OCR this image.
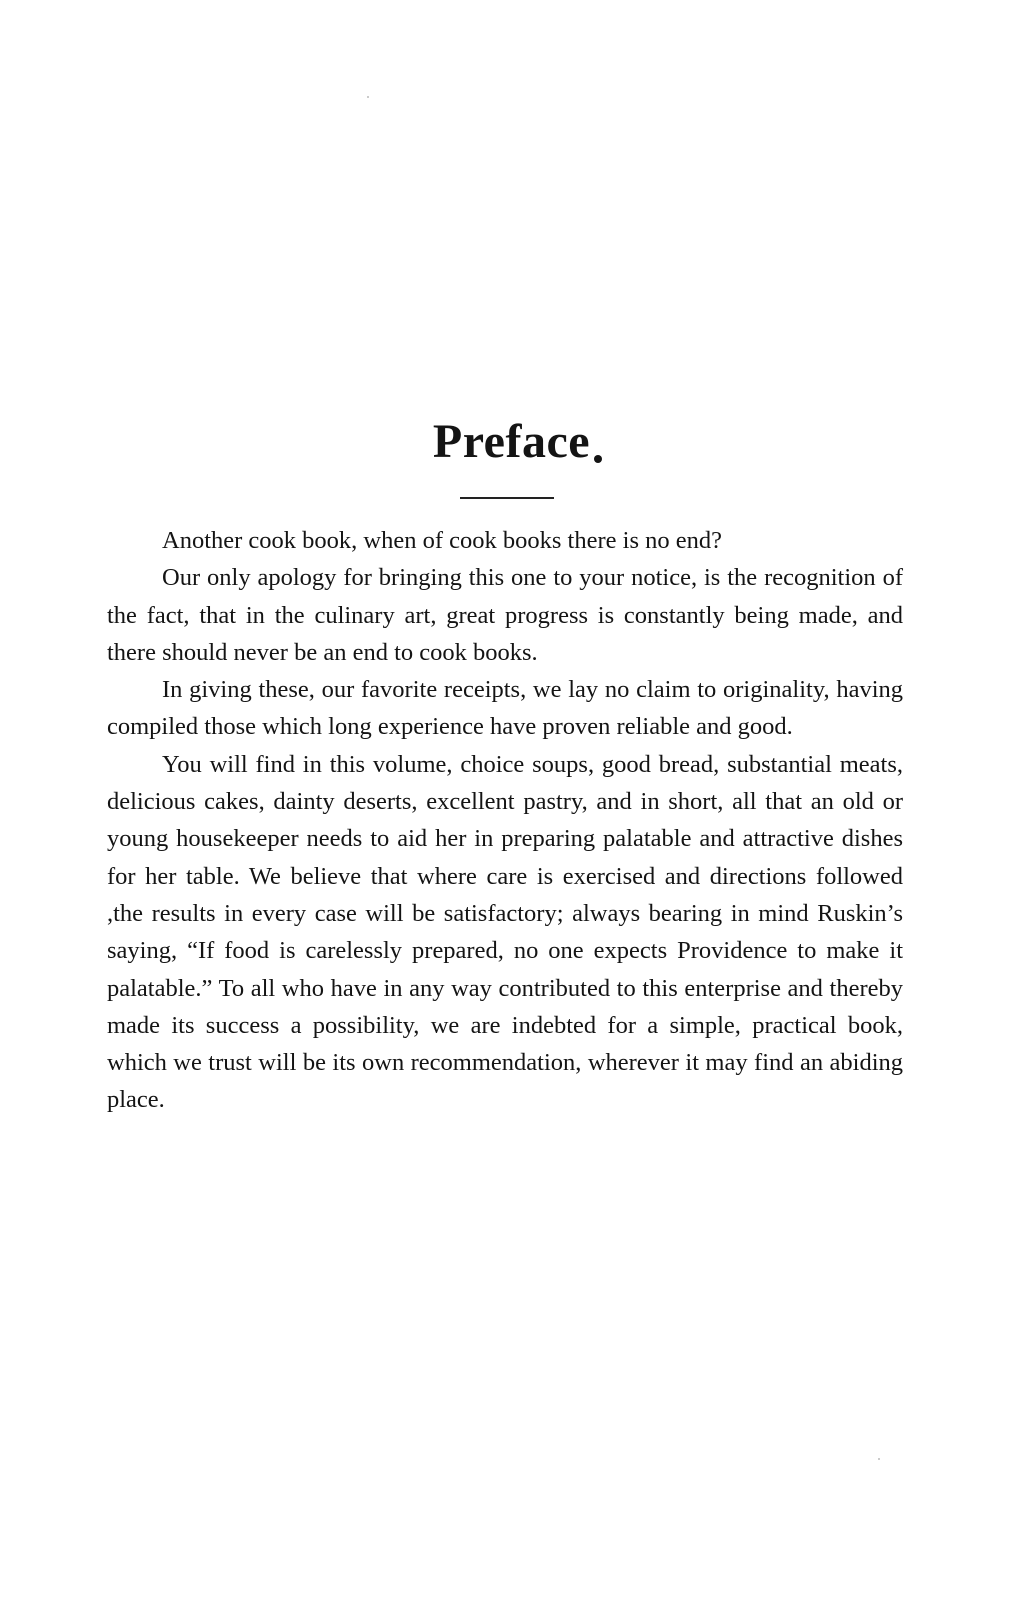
Preface

Another cook book, when of cook books there is no end?

Our only apology for bringing this one to your notice, is the recognition of the fact, that in the culinary art, great progress is constantly being made, and there should never be an end to cook books.

In giving these, our favorite receipts, we lay no claim to originality, having compiled those which long experience have proven reliable and good.

You will find in this volume, choice soups, good bread, substantial meats, delicious cakes, dainty deserts, excellent pastry, and in short, all that an old or young housekeeper needs to aid her in preparing palatable and attractive dishes for her table. We believe that where care is exercised and directions followed ,the results in every case will be satisfactory; always bearing in mind Ruskin’s saying, “If food is carelessly prepared, no one expects Providence to make it palatable.” To all who have in any way contributed to this enterprise and thereby made its success a possibility, we are indebted for a simple, practical book, which we trust will be its own recommendation, wherever it may find an abiding place.
